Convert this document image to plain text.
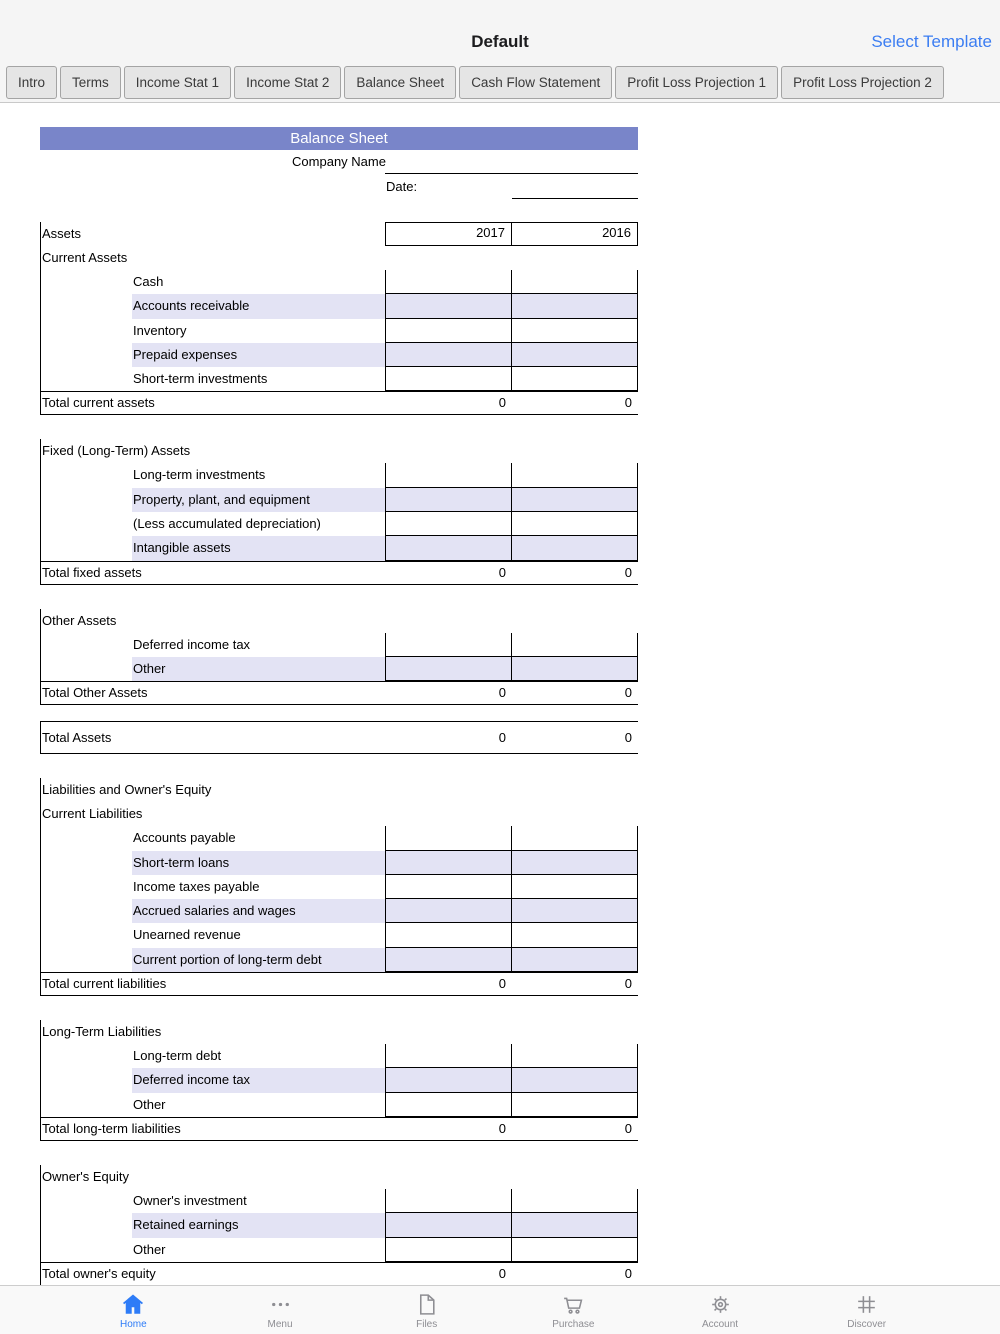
Default	Select Template
Intro Terms Income Stat 1 Income Stat 2 Balance Sheet Cash Flow Statement Profit Loss Projection 1 Profit Loss Projection 2
Balance Sheet
Company Name
Date:
Assets	2017	2016
Current Assets
Cash
Accounts receivable
Inventory
Prepaid expenses
Short-term investments
Total current assets	0	0
Fixed (Long-Term) Assets
Long-term investments
Property, plant, and equipment
(Less accumulated depreciation)
Intangible assets
Total fixed assets	0	0
Other Assets
Deferred income tax
Other
Total Other Assets	0	0
Total Assets	0	0
Liabilities and Owner's Equity
Current Liabilities
Accounts payable
Short-term loans
Income taxes payable
Accrued salaries and wages
Unearned revenue
Current portion of long-term debt
Total current liabilities	0	0
Long-Term Liabilities
Long-term debt
Deferred income tax
Other
Total long-term liabilities	0	0
Owner's Equity
Owner's investment
Retained earnings
Other
Total owner's equity	0	0
Home	Menu	Files	Purchase	Account	Discover
